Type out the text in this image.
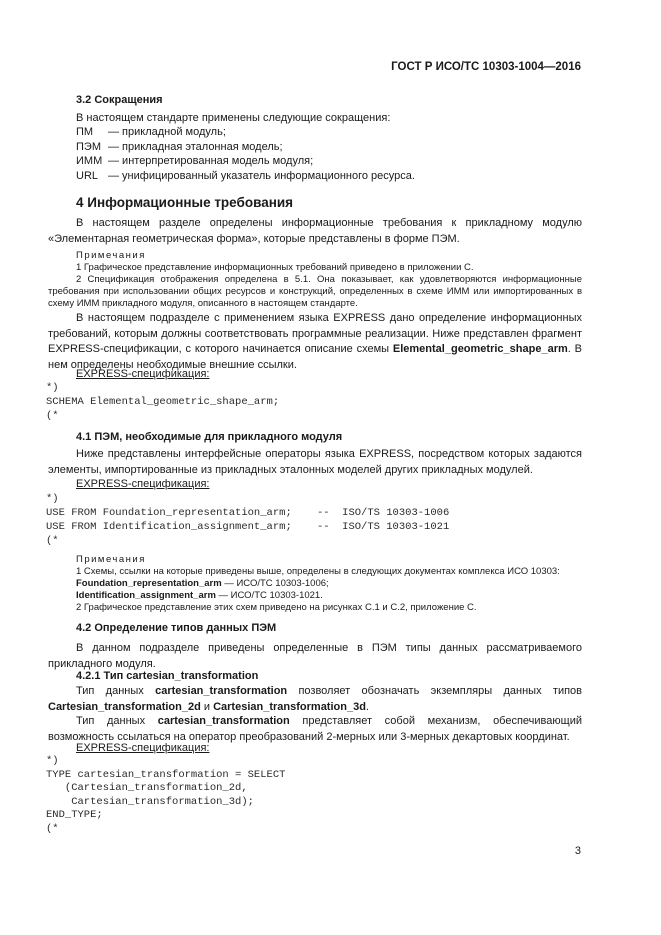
ГОСТ Р ИСО/ТС 10303-1004—2016
3.2 Сокращения
В настоящем стандарте применены следующие сокращения:
ПМ	— прикладной модуль;
ПЭМ — прикладная эталонная модель;
ИММ — интерпретированная модель модуля;
URL — унифицированный указатель информационного ресурса.
4 Информационные требования
В настоящем разделе определены информационные требования к прикладному модулю «Элементарная геометрическая форма», которые представлены в форме ПЭМ.
Примечания
1 Графическое представление информационных требований приведено в приложении С.
2 Спецификация отображения определена в 5.1. Она показывает, как удовлетворяются информационные требования при использовании общих ресурсов и конструкций, определенных в схеме ИММ или импортированных в схему ИММ прикладного модуля, описанного в настоящем стандарте.
В настоящем подразделе с применением языка EXPRESS дано определение информационных требований, которым должны соответствовать программные реализации. Ниже представлен фрагмент EXPRESS-спецификации, с которого начинается описание схемы Elemental_geometric_shape_arm. В нем определены необходимые внешние ссылки.
EXPRESS-спецификация:
*)
SCHEMA Elemental_geometric_shape_arm;
(*
4.1 ПЭМ, необходимые для прикладного модуля
Ниже представлены интерфейсные операторы языка EXPRESS, посредством которых задаются элементы, импортированные из прикладных эталонных моделей других прикладных модулей.
EXPRESS-спецификация:
*)
USE FROM Foundation_representation_arm;    --  ISO/TS 10303-1006
USE FROM Identification_assignment_arm;    --  ISO/TS 10303-1021
(*
Примечания
1 Схемы, ссылки на которые приведены выше, определены в следующих документах комплекса ИСО 10303:
Foundation_representation_arm — ИСО/ТС 10303-1006;
Identification_assignment_arm — ИСО/ТС 10303-1021.
2 Графическое представление этих схем приведено на рисунках С.1 и С.2, приложение С.
4.2 Определение типов данных ПЭМ
В данном подразделе приведены определенные в ПЭМ типы данных рассматриваемого прикладного модуля.
4.2.1 Тип cartesian_transformation
Тип данных cartesian_transformation позволяет обозначать экземпляры данных типов Cartesian_transformation_2d и Cartesian_transformation_3d.
Тип данных cartesian_transformation представляет собой механизм, обеспечивающий возможность ссылаться на оператор преобразований 2-мерных или 3-мерных декартовых координат.
EXPRESS-спецификация:
*)
TYPE cartesian_transformation = SELECT
(Cartesian_transformation_2d,
Cartesian_transformation_3d);
END_TYPE;
(*
3
